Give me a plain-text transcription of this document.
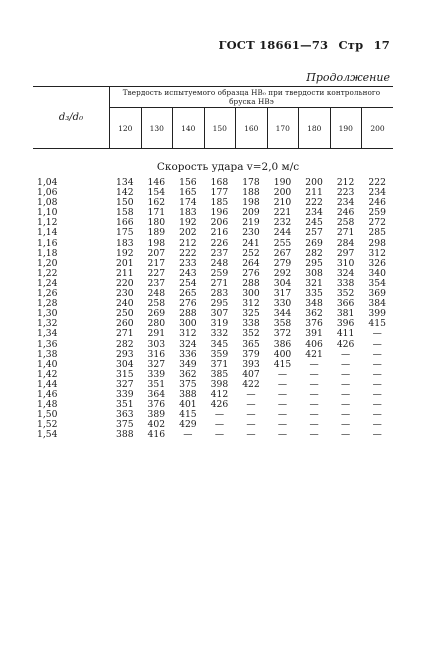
ГОСТ 18661—73 Стр 17
Продолжение
d₃/d₀	Твердость испытуемого образца HB₀ при твердости контрольного бруска HBэ								
	120	130	140	150	160	170	180	190	200
Скорость удара v=2,0 м/с
1,04	134	146	156	168	178	190	200	212	222
1,06	142	154	165	177	188	200	211	223	234
1,08	150	162	174	185	198	210	222	234	246
1,10	158	171	183	196	209	221	234	246	259
1,12	166	180	192	206	219	232	245	258	272
1,14	175	189	202	216	230	244	257	271	285
1,16	183	198	212	226	241	255	269	284	298
1,18	192	207	222	237	252	267	282	297	312
1,20	201	217	233	248	264	279	295	310	326
1,22	211	227	243	259	276	292	308	324	340
1,24	220	237	254	271	288	304	321	338	354
1,26	230	248	265	283	300	317	335	352	369
1,28	240	258	276	295	312	330	348	366	384
1,30	250	269	288	307	325	344	362	381	399
1,32	260	280	300	319	338	358	376	396	415
1,34	271	291	312	332	352	372	391	411	—
1,36	282	303	324	345	365	386	406	426	—
1,38	293	316	336	359	379	400	421	—	—
1,40	304	327	349	371	393	415	—	—	—
1,42	315	339	362	385	407	—	—	—	—
1,44	327	351	375	398	422	—	—	—	—
1,46	339	364	388	412	—	—	—	—	—
1,48	351	376	401	426	—	—	—	—	—
1,50	363	389	415	—	—	—	—	—	—
1,52	375	402	429	—	—	—	—	—	—
1,54	388	416	—	—	—	—	—	—	—
